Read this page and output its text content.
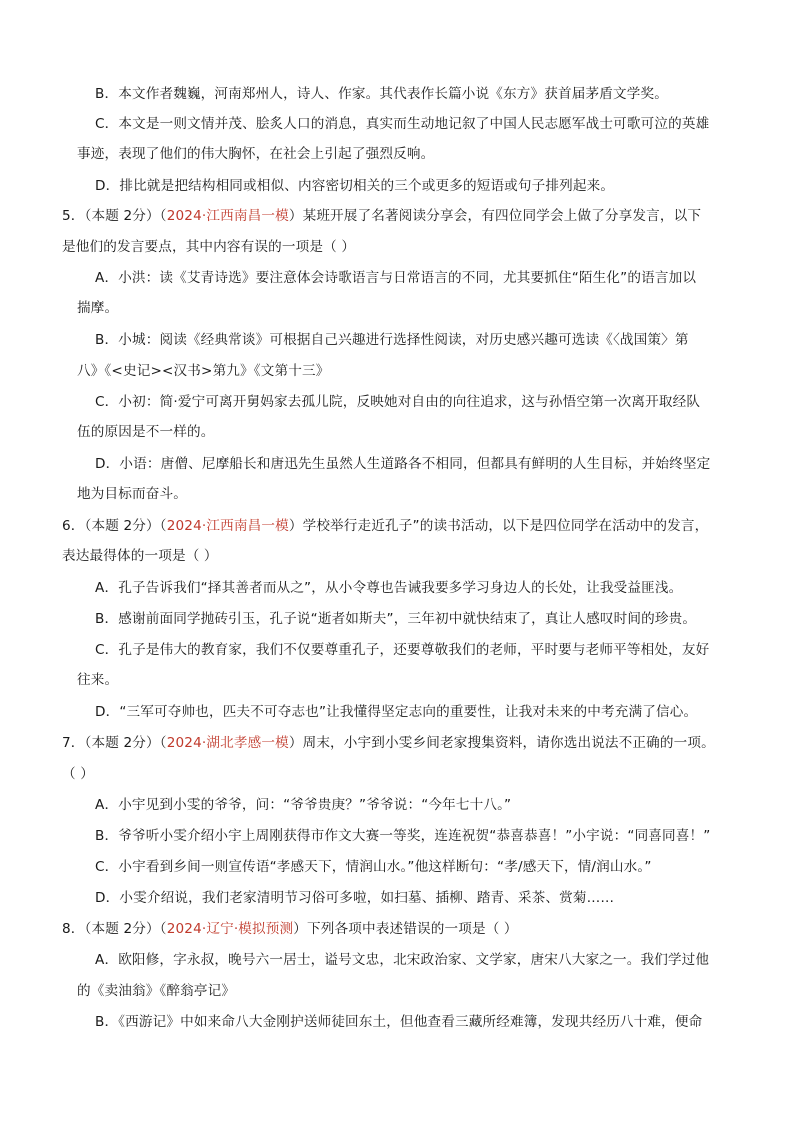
B．本文作者魏巍，河南郑州人，诗人、作家。其代表作长篇小说《东方》获首届茅盾文学奖。
C．本文是一则文情并茂、脍炙人口的消息，真实而生动地记叙了中国人民志愿军战士可歌可泣的英雄
事迹，表现了他们的伟大胸怀，在社会上引起了强烈反响。
D．排比就是把结构相同或相似、内容密切相关的三个或更多的短语或句子排列起来。
5．（本题 2分）（2024·江西南昌一模）某班开展了名著阅读分享会，有四位同学会上做了分享发言，以下
是他们的发言要点，其中内容有误的一项是（ ）
A．小洪：读《艾青诗选》要注意体会诗歌语言与日常语言的不同，尤其要抓住“陌生化”的语言加以
揣摩。
B．小城：阅读《经典常谈》可根据自己兴趣进行选择性阅读，对历史感兴趣可选读《〈战国策〉第
八》《<史记><汉书>第九》《文第十三》
C．小初：简·爱宁可离开舅妈家去孤儿院，反映她对自由的向往追求，这与孙悟空第一次离开取经队
伍的原因是不一样的。
D．小语：唐僧、尼摩船长和唐迅先生虽然人生道路各不相同，但都具有鲜明的人生目标，并始终坚定
地为目标而奋斗。
6．（本题 2分）（2024·江西南昌一模）学校举行走近孔子”的读书活动，以下是四位同学在活动中的发言，
表达最得体的一项是（ ）
A．孔子告诉我们“择其善者而从之”，从小令尊也告诫我要多学习身边人的长处，让我受益匪浅。
B．感谢前面同学抛砖引玉，孔子说“逝者如斯夫”，三年初中就快结束了，真让人感叹时间的珍贵。
C．孔子是伟大的教育家，我们不仅要尊重孔子，还要尊敬我们的老师，平时要与老师平等相处，友好
往来。
D．“三军可夺帅也，匹夫不可夺志也”让我懂得坚定志向的重要性，让我对未来的中考充满了信心。
7．（本题 2分）（2024·湖北孝感一模）周末，小宇到小雯乡间老家搜集资料，请你选出说法不正确的一项。
（ ）
A．小宇见到小雯的爷爷，问：“爷爷贵庚？”爷爷说：“今年七十八。”
B．爷爷听小雯介绍小宇上周刚获得市作文大赛一等奖，连连祝贺“恭喜恭喜！”小宇说：“同喜同喜！”
C．小宇看到乡间一则宣传语“孝感天下，情润山水。”他这样断句：“孝/感天下，情/润山水。”
D．小雯介绍说，我们老家清明节习俗可多啦，如扫墓、插柳、踏青、采茶、赏菊……
8．（本题 2分）（2024·辽宁·模拟预测）下列各项中表述错误的一项是（ ）
A．欧阳修，字永叔，晚号六一居士，谥号文忠，北宋政治家、文学家，唐宋八大家之一。我们学过他
的《卖油翁》《醉翁亭记》
B．《西游记》中如来命八大金刚护送师徒回东土，但他查看三藏所经难簿，发现共经历八十难，便命
